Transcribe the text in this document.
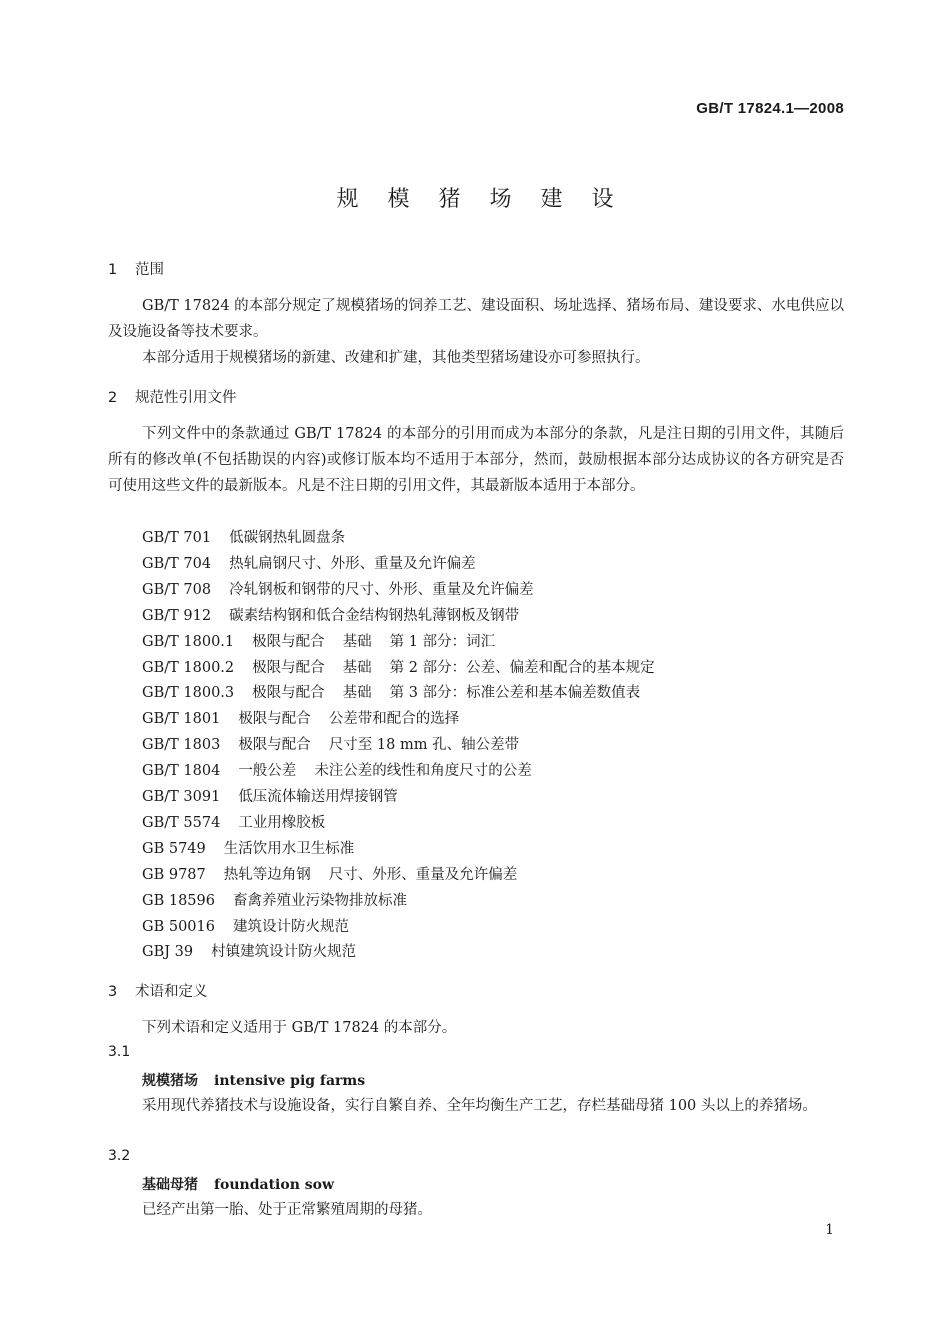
GB/T 17824.1—2008
规 模 猪 场 建 设
1 范围
GB/T 17824 的本部分规定了规模猪场的饲养工艺、建设面积、场址选择、猪场布局、建设要求、水电供应以及设施设备等技术要求。
本部分适用于规模猪场的新建、改建和扩建，其他类型猪场建设亦可参照执行。
2 规范性引用文件
下列文件中的条款通过 GB/T 17824 的本部分的引用而成为本部分的条款，凡是注日期的引用文件，其随后所有的修改单(不包括勘误的内容)或修订版本均不适用于本部分，然而，鼓励根据本部分达成协议的各方研究是否可使用这些文件的最新版本。凡是不注日期的引用文件，其最新版本适用于本部分。
GB/T 701 低碳钢热轧圆盘条
GB/T 704 热轧扁钢尺寸、外形、重量及允许偏差
GB/T 708 冷轧钢板和钢带的尺寸、外形、重量及允许偏差
GB/T 912 碳素结构钢和低合金结构钢热轧薄钢板及钢带
GB/T 1800.1 极限与配合 基础 第 1 部分：词汇
GB/T 1800.2 极限与配合 基础 第 2 部分：公差、偏差和配合的基本规定
GB/T 1800.3 极限与配合 基础 第 3 部分：标准公差和基本偏差数值表
GB/T 1801 极限与配合 公差带和配合的选择
GB/T 1803 极限与配合 尺寸至 18 mm 孔、轴公差带
GB/T 1804 一般公差 未注公差的线性和角度尺寸的公差
GB/T 3091 低压流体输送用焊接钢管
GB/T 5574 工业用橡胶板
GB 5749 生活饮用水卫生标准
GB 9787 热轧等边角钢 尺寸、外形、重量及允许偏差
GB 18596 畜禽养殖业污染物排放标准
GB 50016 建筑设计防火规范
GBJ 39 村镇建筑设计防火规范
3 术语和定义
下列术语和定义适用于 GB/T 17824 的本部分。
3.1
规模猪场 intensive pig farms
采用现代养猪技术与设施设备，实行自繁自养、全年均衡生产工艺，存栏基础母猪 100 头以上的养猪场。
3.2
基础母猪 foundation sow
已经产出第一胎、处于正常繁殖周期的母猪。
1
